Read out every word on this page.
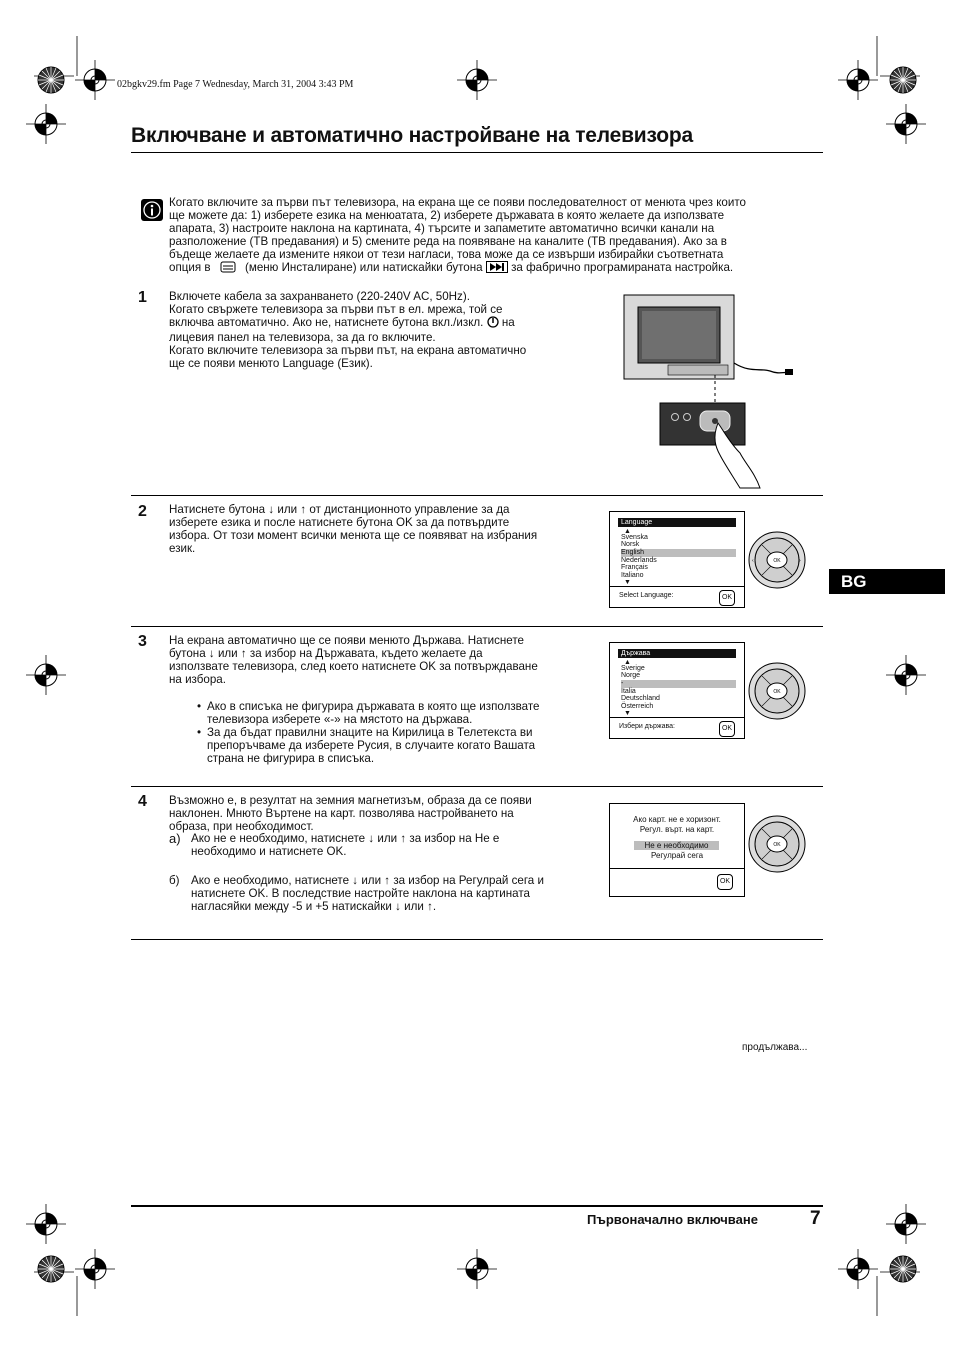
02bgkv29.fm Page 7 Wednesday, March 31, 2004 3:43 PM
Включване и автоматично настройване на телевизора
Когато включите за първи път телевизора, на екрана ще се появи последователност от менюта чрез които
ще можете да: 1) изберете езика на менюатата, 2) изберете държавата в която желаете да използвате
апарата, 3) настроите наклона на картината, 4) търсите и запаметите автоматично всички канали на
разположение (ТВ предавания) и 5) смените реда на появяване на каналите (ТВ предавания). Ако за в
бъдеще желаете да измените някои от тези нагласи, това може да се извърши избирайки съответната
опция в	(меню Инсталиране) или натискайки бутона за фабрично програмираната настройка.
1 Включете кабела за захранването (220-240V AC, 50Hz).
Когато свържете телевизора за първи път в ел. мрежа, той се
включва автоматично. Ако не, натиснете бутона вкл./изкл. на
лицевия панел на телевизора, за да го включите.
Когато включите телевизора за първи път, на екрана автоматично
ще се появи менюто Language (Език).
2 Натиснете бутона ↓ или ↑ от дистанционното управление за да
изберете езика и после натиснете бутона OK за да потвърдите
избора. От този момент всички менюта ще се появяват на избрания
език.
Language
▲
Svenska
Norsk
English
Nederlands
Français
Italiano
▼
Select Language:	OK
OK
‹	›
BG
3 На екрана автоматично ще се появи менюто Държава. Натиснете
бутона ↓ или ↑ за избор на Държавата, където желаете да
използвате телевизора, след което натиснете OK за потвърждаване
на избора.
• Ако в списъка не фигурира държавата в която ще използвате
телевизора изберете «-» на мястото на държава.
• За да бъдат правилни знаците на Кирилица в Телетекста ви
препоръчваме да изберете Русия, в случаите когато Вашата
страна не фигурира в списъка.
Държава
▲
Sverige
Norge
-
Italia
Deutschland
Österreich
▼
Избери държава:	OK
OK
4 Възможно е, в резултат на земния магнетизъм, образа да се появи
наклонен. Мнюто Въртене на карт. позволява настройването на
образа, при необходимост.
a) Ако не е необходимо, натиснете ↓ или ↑ за избор на Не е
необходимо и натиснете OK.
б) Ако е необходимо, натиснете ↓ или ↑ за избор на Регулрай сега и
натиснете OK. В последствие настройте наклона на картината
нагласяйки между -5 и +5 натискайки ↓ или ↑.
Ако карт. не е хоризонт.
Регул. върт. на карт.
Не е необходимо
Регулрай сега
OK
OK
продължава...
Първоначално включване	7
